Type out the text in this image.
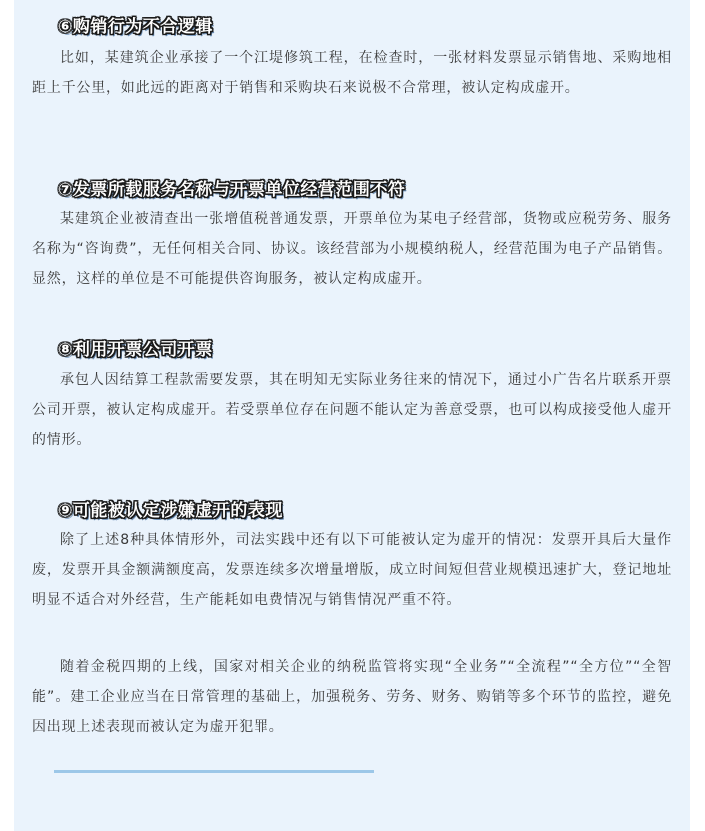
⑥购销行为不合逻辑

比如，某建筑企业承接了一个江堤修筑工程，在检查时，一张材料发票显示销售地、采购地相距上千公里，如此远的距离对于销售和采购块石来说极不合常理，被认定构成虚开。

⑦发票所载服务名称与开票单位经营范围不符

某建筑企业被清查出一张增值税普通发票，开票单位为某电子经营部，货物或应税劳务、服务名称为“咨询费”，无任何相关合同、协议。该经营部为小规模纳税人，经营范围为电子产品销售。显然，这样的单位是不可能提供咨询服务，被认定构成虚开。

⑧利用开票公司开票

承包人因结算工程款需要发票，其在明知无实际业务往来的情况下，通过小广告名片联系开票公司开票，被认定构成虚开。若受票单位存在问题不能认定为善意受票，也可以构成接受他人虚开的情形。

⑨可能被认定涉嫌虚开的表现

除了上述8种具体情形外，司法实践中还有以下可能被认定为虚开的情况：发票开具后大量作废，发票开具金额满额度高，发票连续多次增量增版，成立时间短但营业规模迅速扩大，登记地址明显不适合对外经营，生产能耗如电费情况与销售情况严重不符。

随着金税四期的上线，国家对相关企业的纳税监管将实现“全业务”“全流程”“全方位”“全智能”。建工企业应当在日常管理的基础上，加强税务、劳务、财务、购销等多个环节的监控，避免因出现上述表现而被认定为虚开犯罪。
